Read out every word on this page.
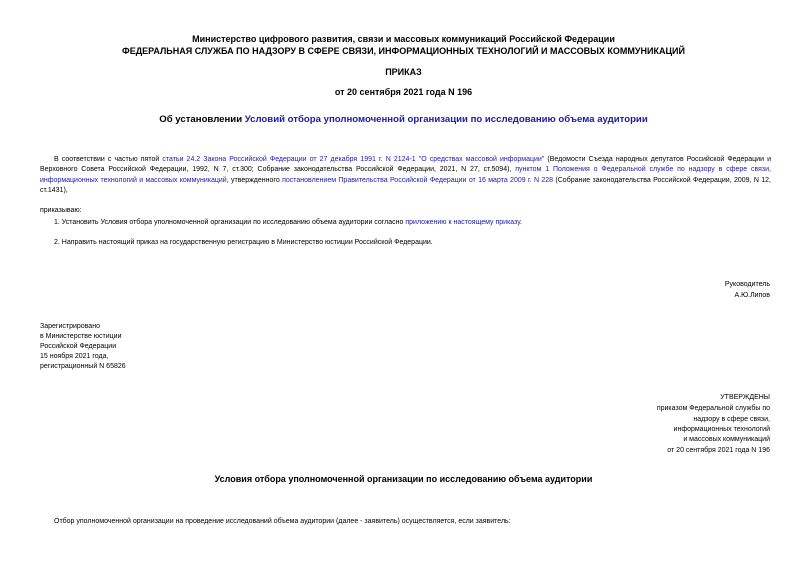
Министерство цифрового развития, связи и массовых коммуникаций Российской Федерации
ФЕДЕРАЛЬНАЯ СЛУЖБА ПО НАДЗОРУ В СФЕРЕ СВЯЗИ, ИНФОРМАЦИОННЫХ ТЕХНОЛОГИЙ И МАССОВЫХ КОММУНИКАЦИЙ
ПРИКАЗ
от 20 сентября 2021 года N 196
Об установлении Условий отбора уполномоченной организации по исследованию объема аудитории
В соответствии с частью пятой статьи 24.2 Закона Российской Федерации от 27 декабря 1991 г. N 2124-1 "О средствах массовой информации" (Ведомости Съезда народных депутатов Российской Федерации и Верховного Совета Российской Федерации, 1992, N 7, ст.300; Собрание законодательства Российской Федерации, 2021, N 27, ст.5094), пунктом 1 Положения о Федеральной службе по надзору в сфере связи, информационных технологий и массовых коммуникаций, утвержденного постановлением Правительства Российской Федерации от 16 марта 2009 г. N 228 (Собрание законодательства Российской Федерации, 2009, N 12, ст.1431),
приказываю:
1. Установить Условия отбора уполномоченной организации по исследованию объема аудитории согласно приложению к настоящему приказу.
2. Направить настоящий приказ на государственную регистрацию в Министерство юстиции Российской Федерации.
Руководитель
А.Ю.Липов
Зарегистрировано
в Министерстве юстиции
Российской Федерации
15 ноября 2021 года,
регистрационный N 65826
УТВЕРЖДЕНЫ
приказом Федеральной службы по
надзору в сфере связи,
информационных технологий
и массовых коммуникаций
от 20 сентября 2021 года N 196
Условия отбора уполномоченной организации по исследованию объема аудитории
Отбор уполномоченной организации на проведение исследований объема аудитории (далее - заявитель) осуществляется, если заявитель:
